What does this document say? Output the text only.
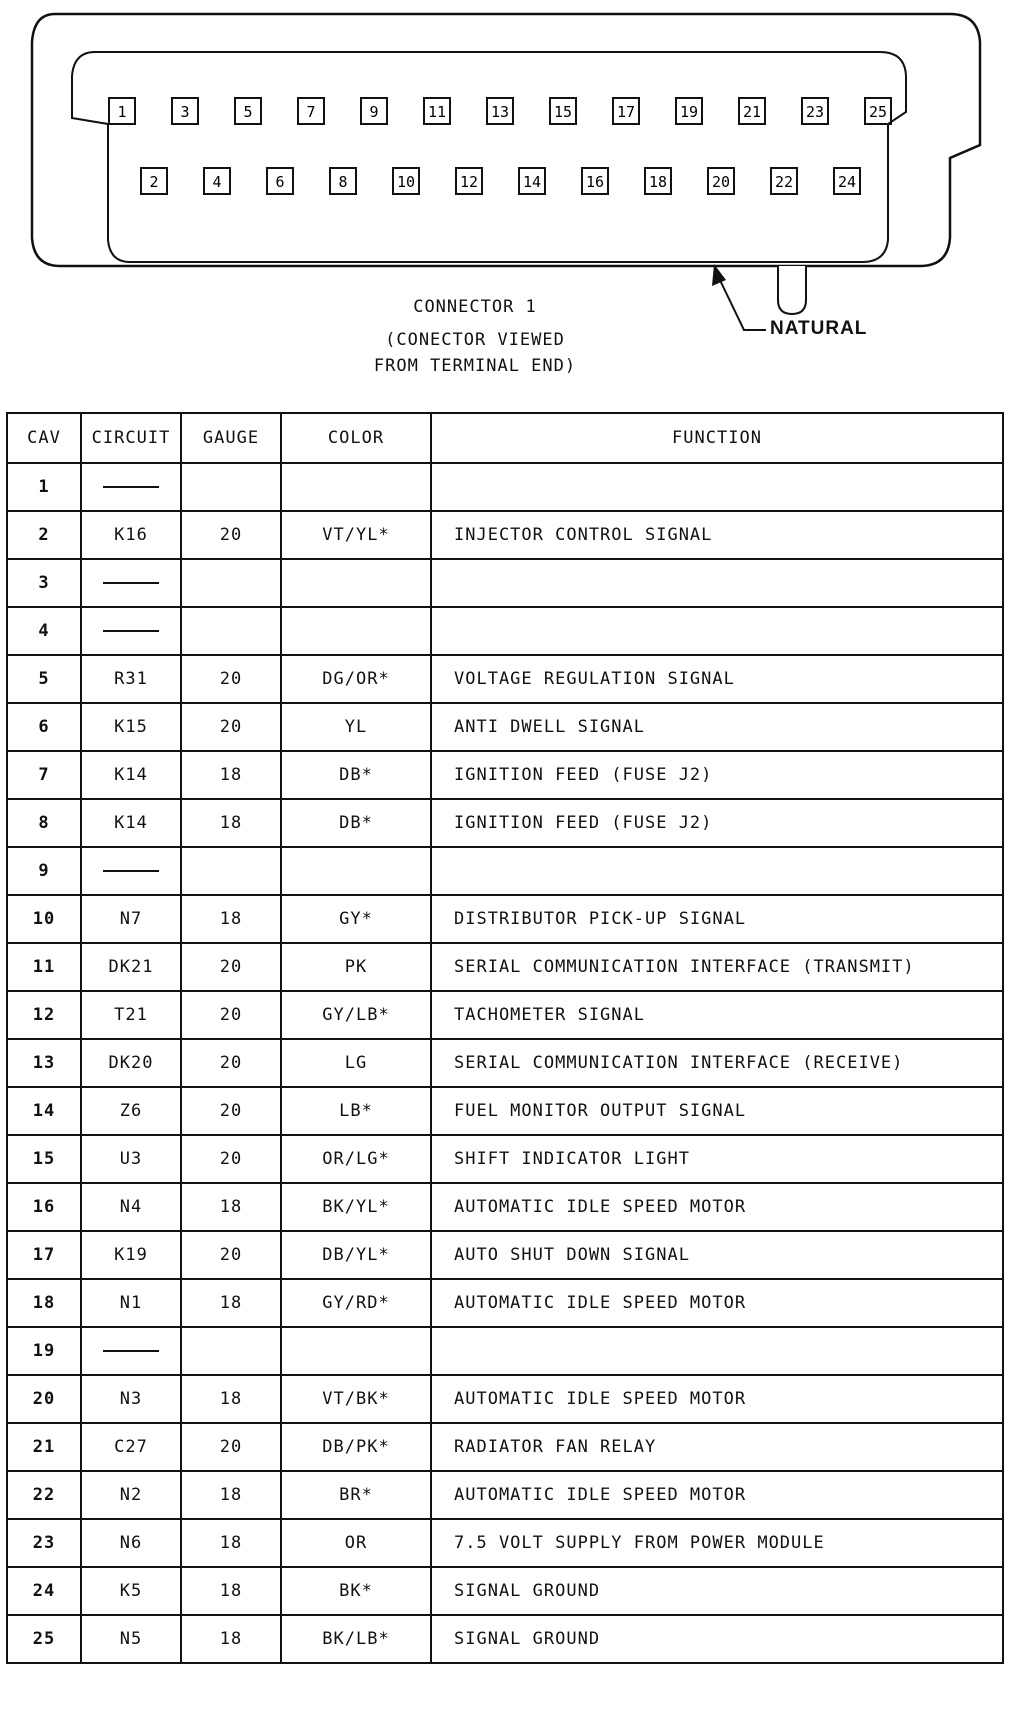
1	3	5	7	9	11	13	15	17	19	21	23	25
2	4	6	8	10	12	14	16	18	20	22	24
CONNECTOR 1
(CONECTOR VIEWED
FROM TERMINAL END)
NATURAL
CAV	CIRCUIT	GAUGE	COLOR	FUNCTION
1				
2	K16	20	VT/YL*	INJECTOR CONTROL SIGNAL
3				
4				
5	R31	20	DG/OR*	VOLTAGE REGULATION SIGNAL
6	K15	20	YL	ANTI DWELL SIGNAL
7	K14	18	DB*	IGNITION FEED (FUSE J2)
8	K14	18	DB*	IGNITION FEED (FUSE J2)
9				
10	N7	18	GY*	DISTRIBUTOR PICK-UP SIGNAL
11	DK21	20	PK	SERIAL COMMUNICATION INTERFACE (TRANSMIT)
12	T21	20	GY/LB*	TACHOMETER SIGNAL
13	DK20	20	LG	SERIAL COMMUNICATION INTERFACE (RECEIVE)
14	Z6	20	LB*	FUEL MONITOR OUTPUT SIGNAL
15	U3	20	OR/LG*	SHIFT INDICATOR LIGHT
16	N4	18	BK/YL*	AUTOMATIC IDLE SPEED MOTOR
17	K19	20	DB/YL*	AUTO SHUT DOWN SIGNAL
18	N1	18	GY/RD*	AUTOMATIC IDLE SPEED MOTOR
19				
20	N3	18	VT/BK*	AUTOMATIC IDLE SPEED MOTOR
21	C27	20	DB/PK*	RADIATOR FAN RELAY
22	N2	18	BR*	AUTOMATIC IDLE SPEED MOTOR
23	N6	18	OR	7.5 VOLT SUPPLY FROM POWER MODULE
24	K5	18	BK*	SIGNAL GROUND
25	N5	18	BK/LB*	SIGNAL GROUND
